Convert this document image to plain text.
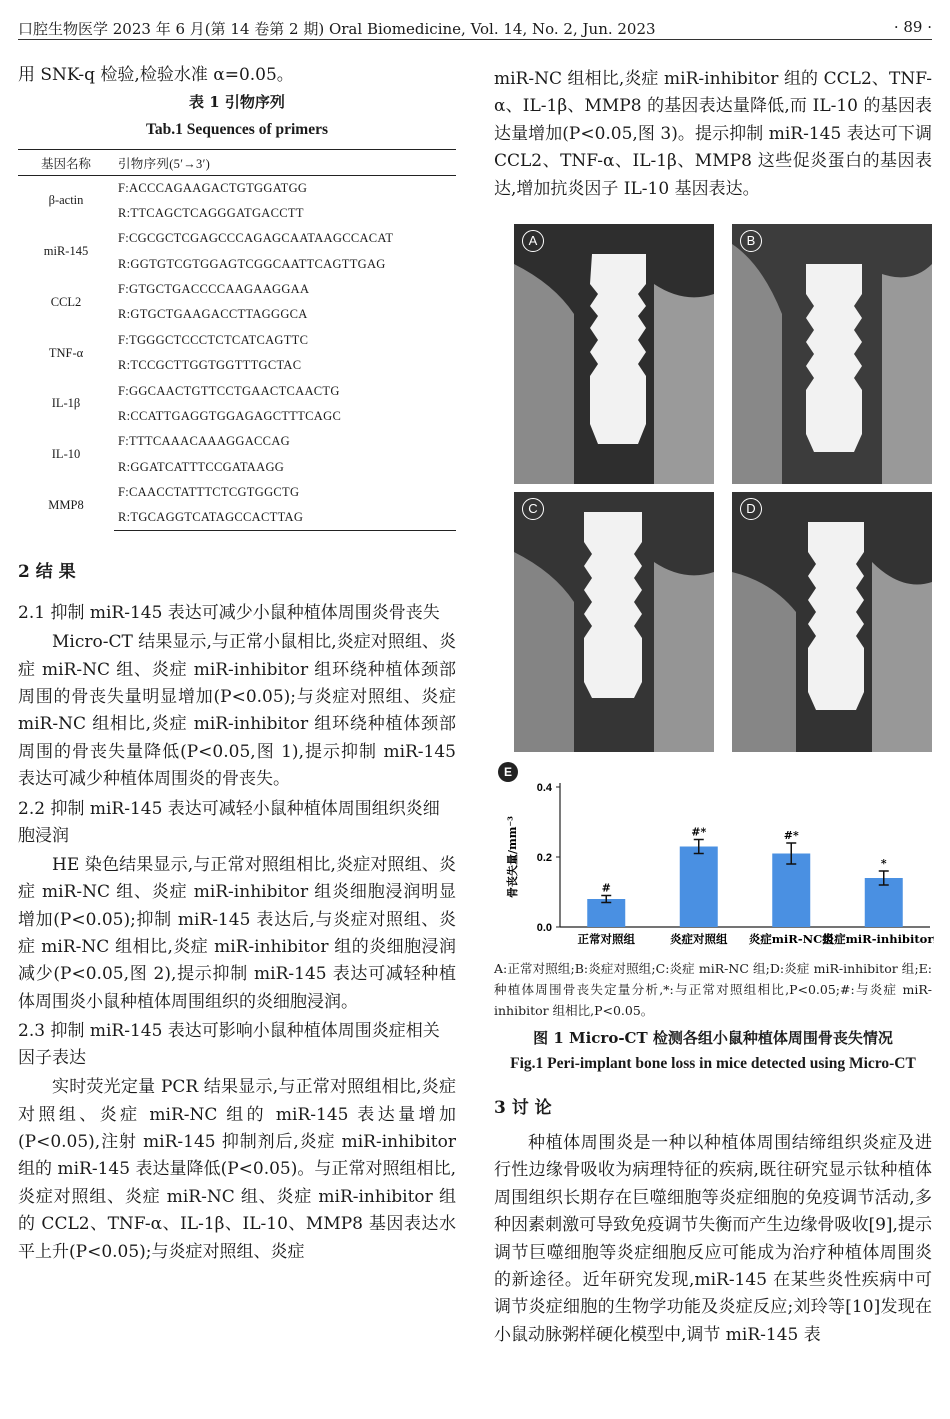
口腔生物医学 2023 年 6 月(第 14 卷第 2 期) Oral Biomedicine, Vol. 14, No. 2, Jun. 2023	· 89 ·

用 SNK-q 检验,检验水准 α=0.05。

表 1 引物序列
Tab.1 Sequences of primers
基因名称	引物序列(5′→3′)
β-actin	F:ACCCAGAAGACTGTGGATGG
	R:TTCAGCTCAGGGATGACCTT
miR-145	F:CGCGCTCGAGCCCAGAGCAATAAGCCACAT
	R:GGTGTCGTGGAGTCGGCAATTCAGTTGAG
CCL2	F:GTGCTGACCCCAAGAAGGAA
	R:GTGCTGAAGACCTTAGGGCA
TNF-α	F:TGGGCTCCCTCTCATCAGTTC
	R:TCCGCTTGGTGGTTTGCTAC
IL-1β	F:GGCAACTGTTCCTGAACTCAACTG
	R:CCATTGAGGTGGAGAGCTTTCAGC
IL-10	F:TTTCAAACAAAGGACCAG
	R:GGATCATTTCCGATAAGG
MMP8	F:CAACCTATTTCTCGTGGCTG
	R:TGCAGGTCATAGCCACTTAG
2 结 果
2.1 抑制 miR-145 表达可减少小鼠种植体周围炎骨丧失

Micro-CT 结果显示,与正常小鼠相比,炎症对照组、炎症 miR-NC 组、炎症 miR-inhibitor 组环绕种植体颈部周围的骨丧失量明显增加(P<0.05);与炎症对照组、炎症 miR-NC 组相比,炎症 miR-inhibitor 组环绕种植体颈部周围的骨丧失量降低(P<0.05,图 1),提示抑制 miR-145 表达可减少种植体周围炎的骨丧失。

2.2 抑制 miR-145 表达可减轻小鼠种植体周围组织炎细胞浸润

HE 染色结果显示,与正常对照组相比,炎症对照组、炎症 miR-NC 组、炎症 miR-inhibitor 组炎细胞浸润明显增加(P<0.05);抑制 miR-145 表达后,与炎症对照组、炎症 miR-NC 组相比,炎症 miR-inhibitor 组的炎细胞浸润减少(P<0.05,图 2),提示抑制 miR-145 表达可减轻种植体周围炎小鼠种植体周围组织的炎细胞浸润。

2.3 抑制 miR-145 表达可影响小鼠种植体周围炎症相关因子表达

实时荧光定量 PCR 结果显示,与正常对照组相比,炎症对照组、炎症 miR-NC 组的 miR-145 表达量增加(P<0.05),注射 miR-145 抑制剂后,炎症 miR-inhibitor 组的 miR-145 表达量降低(P<0.05)。与正常对照组相比,炎症对照组、炎症 miR-NC 组、炎症 miR-inhibitor 组的 CCL2、TNF-α、IL-1β、IL-10、MMP8 基因表达水平上升(P<0.05);与炎症对照组、炎症

miR-NC 组相比,炎症 miR-inhibitor 组的 CCL2、TNF-α、IL-1β、MMP8 的基因表达量降低,而 IL-10 的基因表达量增加(P<0.05,图 3)。提示抑制 miR-145 表达可下调 CCL2、TNF-α、IL-1β、MMP8 这些促炎蛋白的基因表达,增加抗炎因子 IL-10 基因表达。

A	B
C	D
E
0.0
0.2
0.4
骨丧失量/mm⁻³	#
正常对照组
#*
炎症对照组
#*
炎症miR-NC组
*
炎症miR-inhibitor组

A:正常对照组;B:炎症对照组;C:炎症 miR-NC 组;D:炎症 miR-inhibitor 组;E:种植体周围骨丧失定量分析,*:与正常对照组相比,P<0.05;#:与炎症 miR-inhibitor 组相比,P<0.05。

图 1 Micro-CT 检测各组小鼠种植体周围骨丧失情况
Fig.1 Peri-implant bone loss in mice detected using Micro-CT
3 讨 论

种植体周围炎是一种以种植体周围结缔组织炎症及进行性边缘骨吸收为病理特征的疾病,既往研究显示钛种植体周围组织长期存在巨噬细胞等炎症细胞的免疫调节活动,多种因素刺激可导致免疫调节失衡而产生边缘骨吸收[9],提示调节巨噬细胞等炎症细胞反应可能成为治疗种植体周围炎的新途径。近年研究发现,miR-145 在某些炎性疾病中可调节炎症细胞的生物学功能及炎症反应;刘玲等[10]发现在小鼠动脉粥样硬化模型中,调节 miR-145 表
